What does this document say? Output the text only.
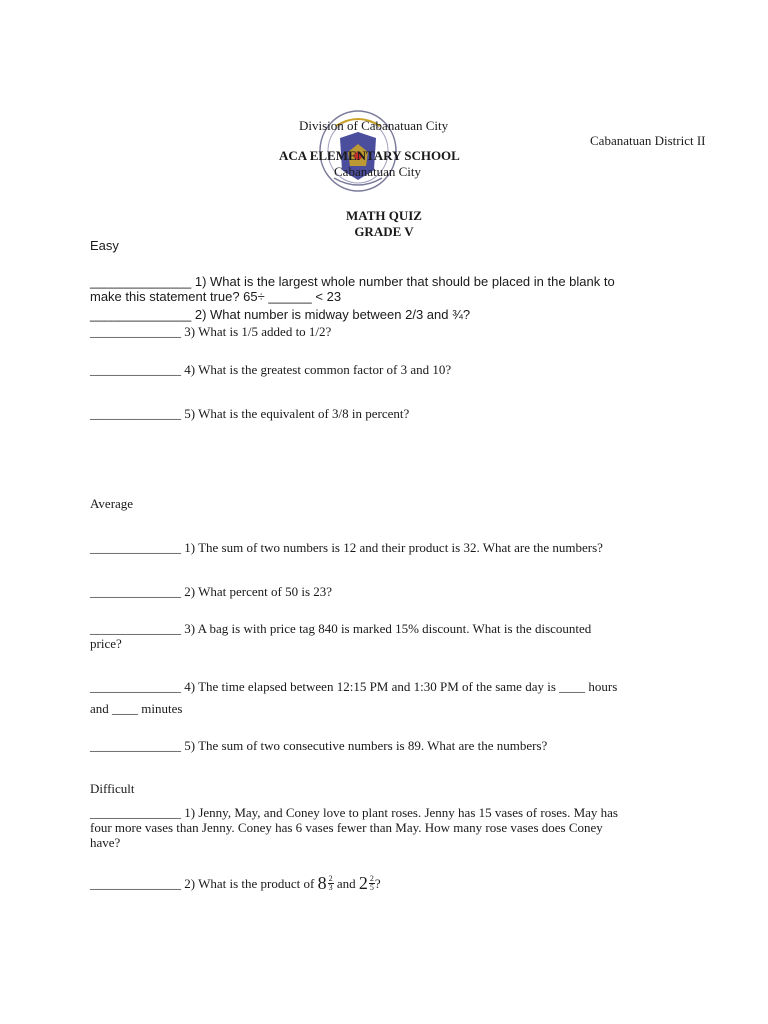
Division of Cabanatuan City
Cabanatuan District II
ACA ELEMENTARY SCHOOL
Cabanatuan City
MATH QUIZ
GRADE V
Easy
______________ 1) What is the largest whole number that should be placed in the blank to
make this statement true? 65÷ ______ < 23
______________ 2) What number is midway between 2/3 and ¾?
______________ 3) What is 1/5 added to 1/2?
______________ 4) What is the greatest common factor of 3 and 10?
______________ 5) What is the equivalent of 3/8 in percent?
Average
______________ 1) The sum of two numbers is 12 and their product is 32. What are the numbers?
______________ 2) What percent of 50 is 23?
______________ 3) A bag is with price tag 840 is marked 15% discount. What is the discounted
price?
______________ 4) The time elapsed between 12:15 PM and 1:30 PM of the same day is ____ hours
and ____ minutes
______________ 5) The sum of two consecutive numbers is 89. What are the numbers?
Difficult
______________ 1) Jenny, May, and Coney love to plant roses. Jenny has 15 vases of roses. May has
four more vases than Jenny. Coney has 6 vases fewer than May. How many rose vases does Coney
have?
______________ 2) What is the product of $8 \frac{2}{3}$ and $2 \frac{2}{5}$ ?
